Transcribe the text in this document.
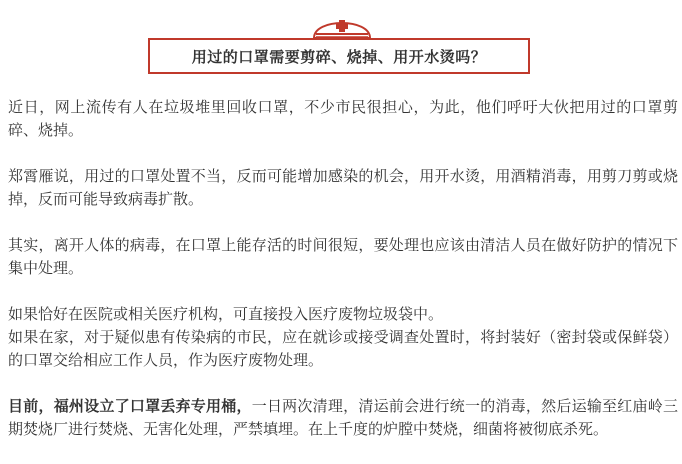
用过的口罩需要剪碎、烧掉、用开水烫吗？

近日，网上流传有人在垃圾堆里回收口罩，不少市民很担心，为此，他们呼吁大伙把用过的口罩剪碎、烧掉。

郑霄雁说，用过的口罩处置不当，反而可能增加感染的机会，用开水烫，用酒精消毒，用剪刀剪或烧掉，反而可能导致病毒扩散。

其实，离开人体的病毒，在口罩上能存活的时间很短，要处理也应该由清洁人员在做好防护的情况下集中处理。

如果恰好在医院或相关医疗机构，可直接投入医疗废物垃圾袋中。

如果在家，对于疑似患有传染病的市民，应在就诊或接受调查处置时，将封装好（密封袋或保鲜袋）的口罩交给相应工作人员，作为医疗废物处理。

目前，福州设立了口罩丢弃专用桶，一日两次清理，清运前会进行统一的消毒，然后运输至红庙岭三期焚烧厂进行焚烧、无害化处理，严禁填埋。在上千度的炉膛中焚烧，细菌将被彻底杀死。
